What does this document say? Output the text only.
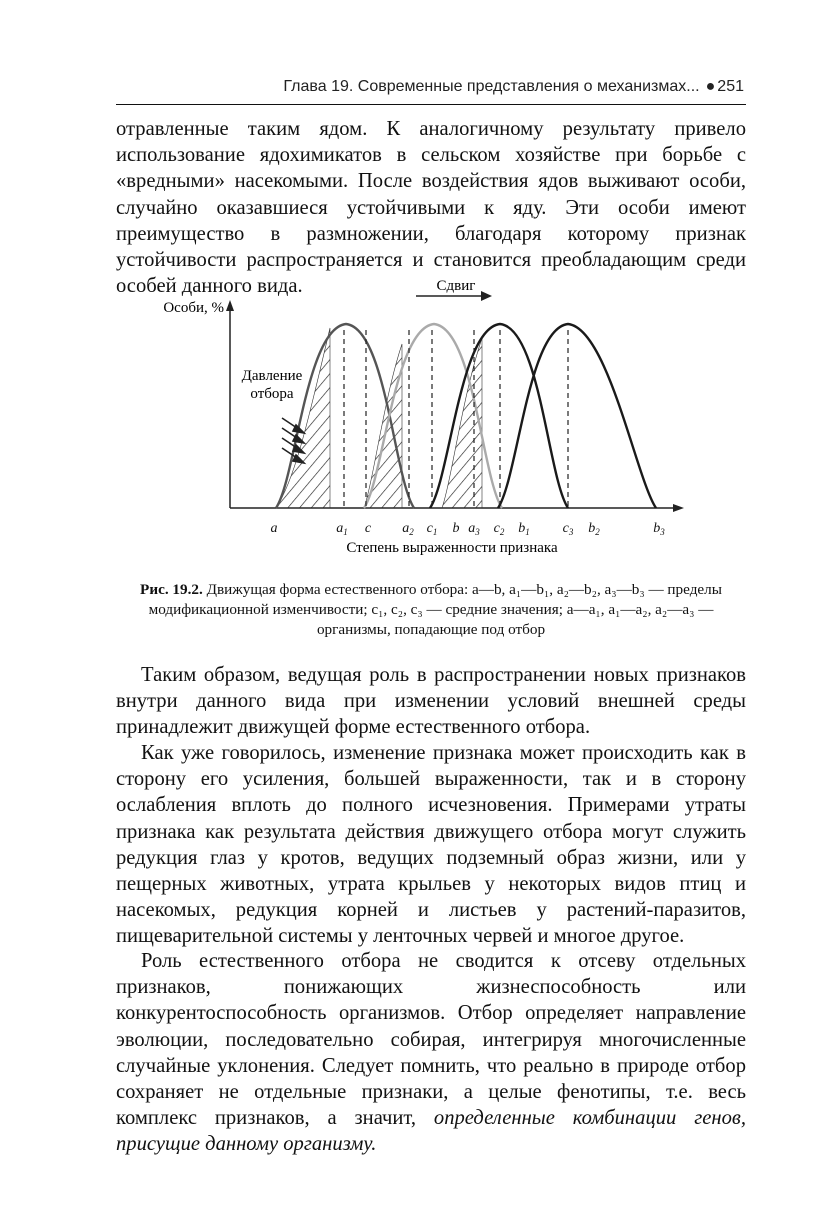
Глава 19. Современные представления о механизмах... ● 251

отравленные таким ядом. К аналогичному результату привело использование ядохимикатов в сельском хозяйстве при борьбе с «вредными» насекомыми. После воздействия ядов выживают особи, случайно оказавшиеся устойчивыми к яду. Эти особи имеют преимущество в размножении, благодаря которому признак устойчивости распространяется и становится преобладающим среди особей данного вида.	Сдвиг
Особи, %
Давление
отбора
a	$a_1$ c $a_2$ $c_1$ b $a_3$ $c_2$ $b_1$ $c_3$ $b_2$	$b_3$
Степень выраженности признака
Рис. 19.2. Движущая форма естественного отбора: a—b, a₁—b₁, a₂—b₂, a₃—b₃ — пределы модификационной изменчивости; c₁, c₂, c₃ — средние значения; a—a₁, a₁—a₂, a₂—a₃ — организмы, попадающие под отбор

Таким образом, ведущая роль в распространении новых признаков внутри данного вида при изменении условий внешней среды принадлежит движущей форме естественного отбора.

Как уже говорилось, изменение признака может происходить как в сторону его усиления, большей выраженности, так и в сторону ослабления вплоть до полного исчезновения. Примерами утраты признака как результата действия движущего отбора могут служить редукция глаз у кротов, ведущих подземный образ жизни, или у пещерных животных, утрата крыльев у некоторых видов птиц и насекомых, редукция корней и листьев у растений-паразитов, пищеварительной системы у ленточных червей и многое другое.

Роль естественного отбора не сводится к отсеву отдельных признаков, понижающих жизнеспособность или конкурентоспособность организмов. Отбор определяет направление эволюции, последовательно собирая, интегрируя многочисленные случайные уклонения. Следует помнить, что реально в природе отбор сохраняет не отдельные признаки, а целые фенотипы, т.е. весь комплекс признаков, а значит, определенные комбинации генов, присущие данному организму.
